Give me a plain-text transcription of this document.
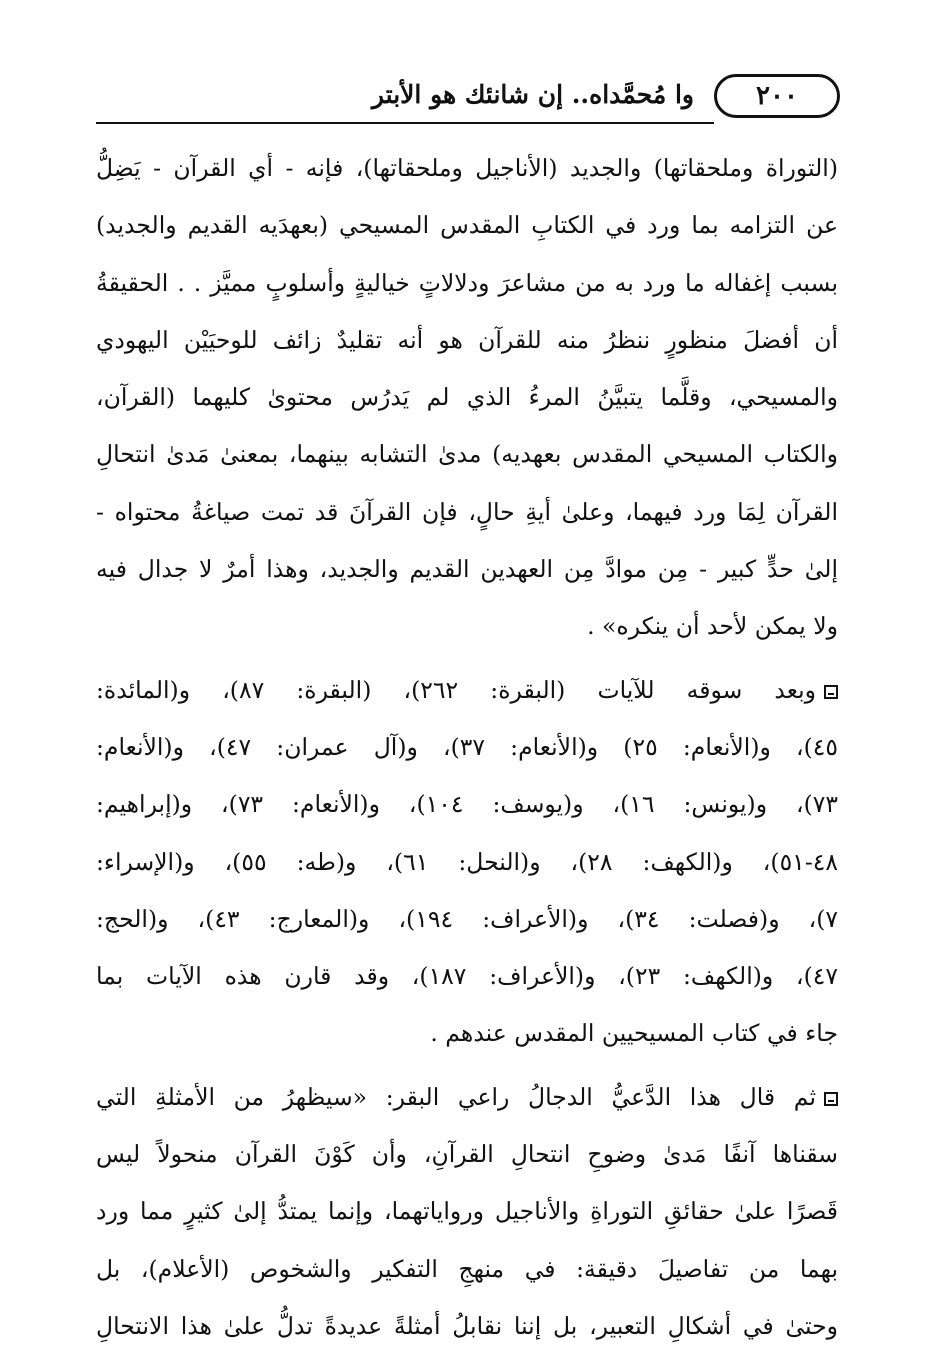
٢٠٠
وا مُحمَّداه.. إن شانئك هو الأبتر
(التوراة وملحقاتها) والجديد (الأناجيل وملحقاتها)، فإنه - أي القرآن - يَضِلُّ
عن التزامه بما ورد في الكتابِ المقدس المسيحي (بعهدَيه القديم والجديد)
بسبب إغفاله ما ورد به من مشاعرَ ودلالاتٍ خياليةٍ وأسلوبٍ مميَّز . . الحقيقةُ
أن أفضلَ منظورٍ ننظرُ منه للقرآن هو أنه تقليدٌ زائف للوحيَيْن اليهودي
والمسيحي، وقلَّما يتبيَّنُ المرءُ الذي لم يَدرُس محتوىٰ كليهما (القرآن،
والكتاب المسيحي المقدس بعهديه) مدىٰ التشابه بينهما، بمعنىٰ مَدىٰ انتحالِ
القرآن لِمَا ورد فيهما، وعلىٰ أيةِ حالٍ، فإن القرآنَ قد تمت صياغةُ محتواه -
إلىٰ حدٍّ كبير - مِن موادَّ مِن العهدين القديم والجديد، وهذا أمرٌ لا جدال فيه
ولا يمكن لأحد أن ينكره» .
وبعد سوقه للآيات (البقرة: ٢٦٢)، (البقرة: ٨٧)، و(المائدة:
٤٥)، و(الأنعام: ٢٥) و(الأنعام: ٣٧)، و(آل عمران: ٤٧)، و(الأنعام:
٧٣)، و(يونس: ١٦)، و(يوسف: ١٠٤)، و(الأنعام: ٧٣)، و(إبراهيم:
٤٨-٥١)، و(الكهف: ٢٨)، و(النحل: ٦١)، و(طه: ٥٥)، و(الإسراء:
٧)، و(فصلت: ٣٤)، و(الأعراف: ١٩٤)، و(المعارج: ٤٣)، و(الحج:
٤٧)، و(الكهف: ٢٣)، و(الأعراف: ١٨٧)، وقد قارن هذه الآيات بما
جاء في كتاب المسيحيين المقدس عندهم .
ثم قال هذا الدَّعيُّ الدجالُ راعي البقر: «سيظهرُ من الأمثلةِ التي
سقناها آنفًا مَدىٰ وضوحِ انتحالِ القرآنِ، وأن كَوْنَ القرآن منحولاً ليس
قَصرًا علىٰ حقائقِ التوراةِ والأناجيل ورواياتهما، وإنما يمتدُّ إلىٰ كثيرٍ مما ورد
بهما من تفاصيلَ دقيقة: في منهجِ التفكير والشخوص (الأعلام)، بل
وحتىٰ في أشكالِ التعبير، بل إننا نقابلُ أمثلةً عديدةً تدلُّ علىٰ هذا الانتحالِ
